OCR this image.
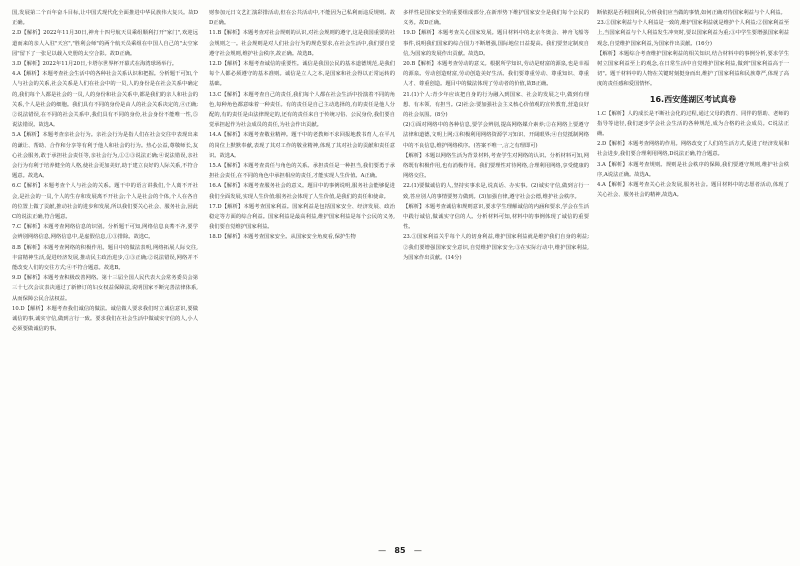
国,发展第二个百年奋斗目标,让中国式现代化全面推进中华民族伟大复兴。故D正确。

2.D【解析】2022年11月30日,神舟十四号航天员乘组顺利打开"家门",欢迎远道而来的亲人入驻"天宫","胜利会师"的两个航天员乘组在中国人自己的"太空家园"留下了一张足以载入史册的太空合影。故D正确。

3.D【解析】2022年11月20日,卡塔尔世界杯开幕式在海湾球场举行。

4.A【解析】本题考查社会生活中的各种社会关系认识和把握。分析题干可知,个人与社会的关系,社会关系是人们在社会中的一员,人的身份是在社会关系中确定的,我们每个人都是社会的一员,人的身份和社会关系中,都是我们的亲人和社会的关系,个人是社会的细胞。我们具有不同的身份是由人的社会关系决定的,④正确;②说法错误,在不同的社会关系中,我们具有不同的身份,社会身份不能唯一性,⑤说法错误。故选A。

5.A【解析】本题考查亲社会行为。亲社会行为是指人们在社会交往中表现出来的谦让、帮助、合作和分享等有利于他人和社会的行为。热心公益,尊敬师长,友心社会服务,敢于承担社会责任等,亲社会行为,①②③说法正确;④说法错误,亲社会行为有利于培养健全的人格,使社会更加美好,助于建立良好的人际关系,不符合题意。故选A。

6.C【解析】本题考查个人与社会的关系。题干中的语言讲我们,个人离不开社会,是社会的一员,个人的生存和发展离不开社会;个人是社会的个体,个人在各自的位置上做了贡献,推动社会的进步和发展,所以我们要关心社会、服务社会,因此C的说法正确,符合题意。

7.C【解析】本题考查网络信息的识别。分析题干可知,网络信息良莠不齐,要学会辨别网络信息,网络信息中,是虚假信息,①③排除。故选C。

8.B【解析】本题考查网络的积极作用。题目中的做法表明,网络拓展人际交往,丰富精神生活,促进经济发展,推动民主政治进步,①③正确;②说法错误,网络并不能改变人们的交往方式;④不符合题意。故选B。

9.D【解析】本题考查积极改善网络。第十三届全国人民代表大会常务委员会第三十七次会议表决通过了新修订的妇女权益保障法,说明国家不断完善法律体系,从而保障公民合法权益。

10.D【解析】本题考查我们诚信的做法。诚信做人要求我们时立诚信意识,要做诚信的事,诚实守信,做到言行一致。要求我们在社会生活中做诚实守信的人,小人必须要做诚信的事。

财参加元日文艺汇演彩排活动,但在公共活动中,不能因为己私利而违反规则。故D正确。

11.B【解析】本题考查对社会规则的认识,对社会规则的遵守,这是我国重要的社会规则之一。社会规则是对人们社会行为的规范要求,在社会生活中,我们要自觉遵守社会规则,维护社会秩序,故正确。故选B。

12.D【解析】本题考查诚信的重要性。诚信是我国公民的基本道德规范,是我们每个人都必须遵守的基本准则。诚信是立人之本,是国家和社会得以正常运转的基础。

13.C【解析】本题考查自己的责任,我们每个人都在社会生活中扮演着不同的角色,每种角色都意味着一种责任。有的责任是自己主动选择的,有的责任是他人分配的,有的责任是由法律规定的,还有的责任来自于传统习俗、公民身份,我们要自觉承担起作为社会成员的责任,为社会作出贡献。

14.A【解析】本题考查敬业精神。题干中的老教师不求回报地教书育人,在平凡的岗位上默默奉献,表现了其对工作的敬业精神,体现了其对社会的贡献和责任意识。故选A。

15.A【解析】本题考查责任与角色的关系。承担责任是一种担当,我们要勇于承担社会责任,在不同的角色中承担相应的责任,才能实现人生价值。A正确。

16.A【解析】本题考查服务社会的意义。题目中的事例说明,服务社会能够促进我们全面发展,实现人生价值;服务社会体现了人生价值,是我们的责任和使命。

17.D【解析】本题考查国家利益。国家利益是包括国家安全、经济发展、政治稳定等方面的综合利益。国家利益是最高利益,维护国家利益是每个公民的义务,我们要自觉维护国家利益。

18.D【解析】本题考查国家安全。从国家安全角度看,保护生物

多样性是国家安全的重要组成部分,在新形势下维护国家安全是我们每个公民的义务。故D正确。

19.D【解析】本题考查关心国家发展。题目材料中的北京冬奥会、神舟飞船等事件,说明我们国家的综合国力不断增强,国际地位日益提高。我们要坚定制度自信,为国家的发展作出贡献。故选D。

20.B【解析】本题考查劳动的意义。根据所学知识,劳动是财富的源泉,也是幸福的源泉。劳动创造财富,劳动创造美好生活。我们要尊重劳动、尊重知识、尊重人才、尊重创造。题目中的做法体现了劳动者的价值,故B正确。

21.(1)个人:青少年应该把自身的行为融入到国家、社会的发展之中,做到有理想、有本领、有担当。(2)社会:要加强社会主义核心价值观的宣传教育,营造良好的社会氛围。(8分)

(2)①面对网络中的各种信息,要学会辨别,提高网络媒介素养;②在网络上要遵守法律和道德,文明上网;③积极利用网络资源学习知识、开阔眼界;④自觉抵制网络中的不良信息,维护网络秩序。(答案不唯一,言之有理即可)

【解析】本题以网络生活为背景材料,考查学生对网络的认识。分析材料可知,网络既有积极作用,也有消极作用。我们要理性对待网络,合理利用网络,享受健康的网络交往。

22.(1)要做诚信的人,坚持实事求是,说真话、办实事。(2)诚实守信,做到言行一致,答应别人的事情要努力做到。(3)加强自律,遵守社会公德,维护社会秩序。

【解析】本题考查诚信和规则意识,要求学生理解诚信的内涵和要求,学会在生活中践行诚信,做诚实守信的人。分析材料可知,材料中的事例体现了诚信的重要性。

23.①国家利益关乎每个人的切身利益,维护国家利益就是维护我们自身的利益;②我们要增强国家安全意识,自觉维护国家安全;③在实际行动中,维护国家利益,为国家作出贡献。(14分)

断依据是否利国利民,分析我们应当做的事情,如何正确对待国家利益与个人利益。

23.①国家利益与个人利益是一致的,维护国家利益就是维护个人利益;②国家利益至上,当国家利益与个人利益发生冲突时,要以国家利益为重;③中学生要增强国家利益观念,自觉维护国家利益,为国家作出贡献。(16分)

【解析】本题综合考查维护国家利益的相关知识,结合材料中的事例分析,要求学生树立国家利益至上的观念,在日常生活中自觉维护国家利益,做到"国家利益高于一切"。题干材料中的人物在关键时刻挺身而出,维护了国家利益和民族尊严,体现了高度的责任感和爱国情怀。

16.西安莲湖区考试真卷

1.C【解析】人的成长是不断社会化的过程,通过父母的教育、同伴的帮助、老师的指导等途径,我们逐步学会社会生活的各种规范,成为合格的社会成员。C说法正确。

2.D【解析】本题考查网络的作用。网络改变了人们的生活方式,促进了经济发展和社会进步,我们要合理利用网络,D说法正确,符合题意。

3.A【解析】本题考查规则。规则是社会秩序的保障,我们要遵守规则,维护社会秩序,A说法正确。故选A。

4.A【解析】本题考查关心社会发展,服务社会。题目材料中的志愿者活动,体现了关心社会、服务社会的精神,故选A。

— 85 —
